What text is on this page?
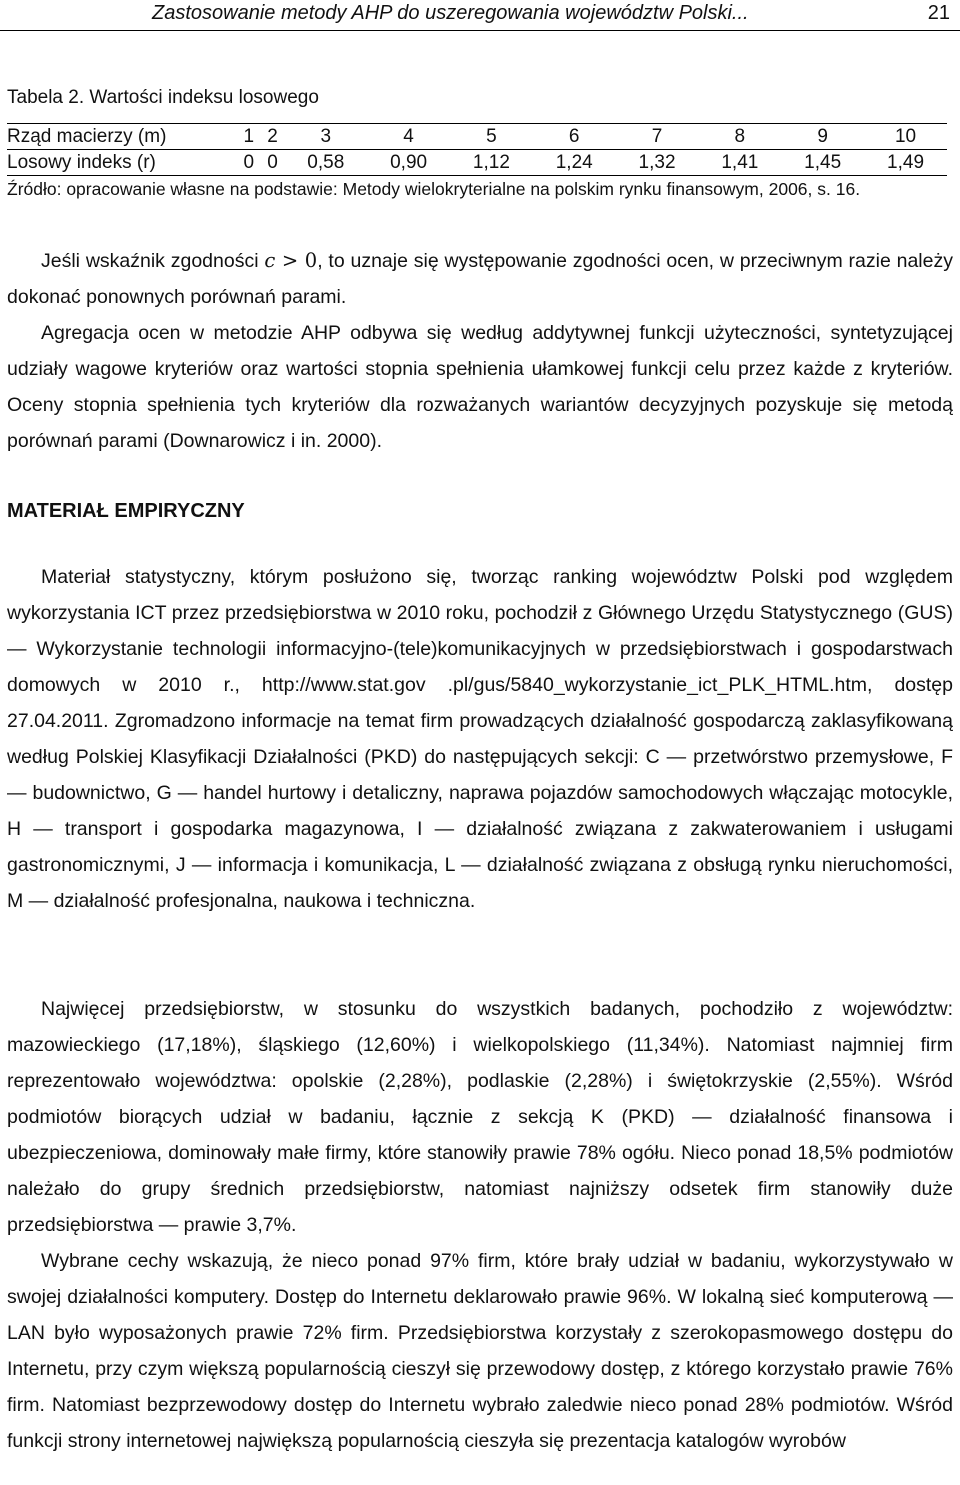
Zastosowanie metody AHP do uszeregowania województw Polski...	21
Tabela 2. Wartości indeksu losowego
Rząd macierzy (m)	1	2	3	4	5	6	7	8	9	10
Losowy indeks (r)	0	0	0,58	0,90	1,12	1,24	1,32	1,41	1,45	1,49
Źródło: opracowanie własne na podstawie: Metody wielokryterialne na polskim rynku finansowym, 2006, s. 16.

Jeśli wskaźnik zgodności c > 0, to uznaje się występowanie zgodności ocen, w przeciwnym razie należy dokonać ponownych porównań parami.

Agregacja ocen w metodzie AHP odbywa się według addytywnej funkcji użyteczności, syntetyzującej udziały wagowe kryteriów oraz wartości stopnia spełnienia ułamkowej funkcji celu przez każde z kryteriów. Oceny stopnia spełnienia tych kryteriów dla rozważanych wariantów decyzyjnych pozyskuje się metodą porównań parami (Downarowicz i in. 2000).

MATERIAŁ EMPIRYCZNY

Materiał statystyczny, którym posłużono się, tworząc ranking województw Polski pod względem wykorzystania ICT przez przedsiębiorstwa w 2010 roku, pochodził z Głównego Urzędu Statystycznego (GUS) — Wykorzystanie technologii informacyjno-(tele)komunikacyjnych w przedsiębiorstwach i gospodarstwach domowych w 2010 r., http://www.stat.gov .pl/gus/5840_wykorzystanie_ict_PLK_HTML.htm, dostęp 27.04.2011. Zgromadzono informacje na temat firm prowadzących działalność gospodarczą zaklasyfikowaną według Polskiej Klasyfikacji Działalności (PKD) do następujących sekcji: C — przetwórstwo przemysłowe, F — budownictwo, G — handel hurtowy i detaliczny, naprawa pojazdów samochodowych włączając motocykle, H — transport i gospodarka magazynowa, I — działalność związana z zakwaterowaniem i usługami gastronomicznymi, J — informacja i komunikacja, L — działalność związana z obsługą rynku nieruchomości, M — działalność profesjonalna, naukowa i techniczna.

Najwięcej przedsiębiorstw, w stosunku do wszystkich badanych, pochodziło z województw: mazowieckiego (17,18%), śląskiego (12,60%) i wielkopolskiego (11,34%). Natomiast najmniej firm reprezentowało województwa: opolskie (2,28%), podlaskie (2,28%) i świętokrzyskie (2,55%). Wśród podmiotów biorących udział w badaniu, łącznie z sekcją K (PKD) — działalność finansowa i ubezpieczeniowa, dominowały małe firmy, które stanowiły prawie 78% ogółu. Nieco ponad 18,5% podmiotów należało do grupy średnich przedsiębiorstw, natomiast najniższy odsetek firm stanowiły duże przedsiębiorstwa — prawie 3,7%.

Wybrane cechy wskazują, że nieco ponad 97% firm, które brały udział w badaniu, wykorzystywało w swojej działalności komputery. Dostęp do Internetu deklarowało prawie 96%. W lokalną sieć komputerową — LAN było wyposażonych prawie 72% firm. Przedsiębiorstwa korzystały z szerokopasmowego dostępu do Internetu, przy czym większą popularnością cieszył się przewodowy dostęp, z którego korzystało prawie 76% firm. Natomiast bezprzewodowy dostęp do Internetu wybrało zaledwie nieco ponad 28% podmiotów. Wśród funkcji strony internetowej największą popularnością cieszyła się prezentacja katalogów wyrobów
